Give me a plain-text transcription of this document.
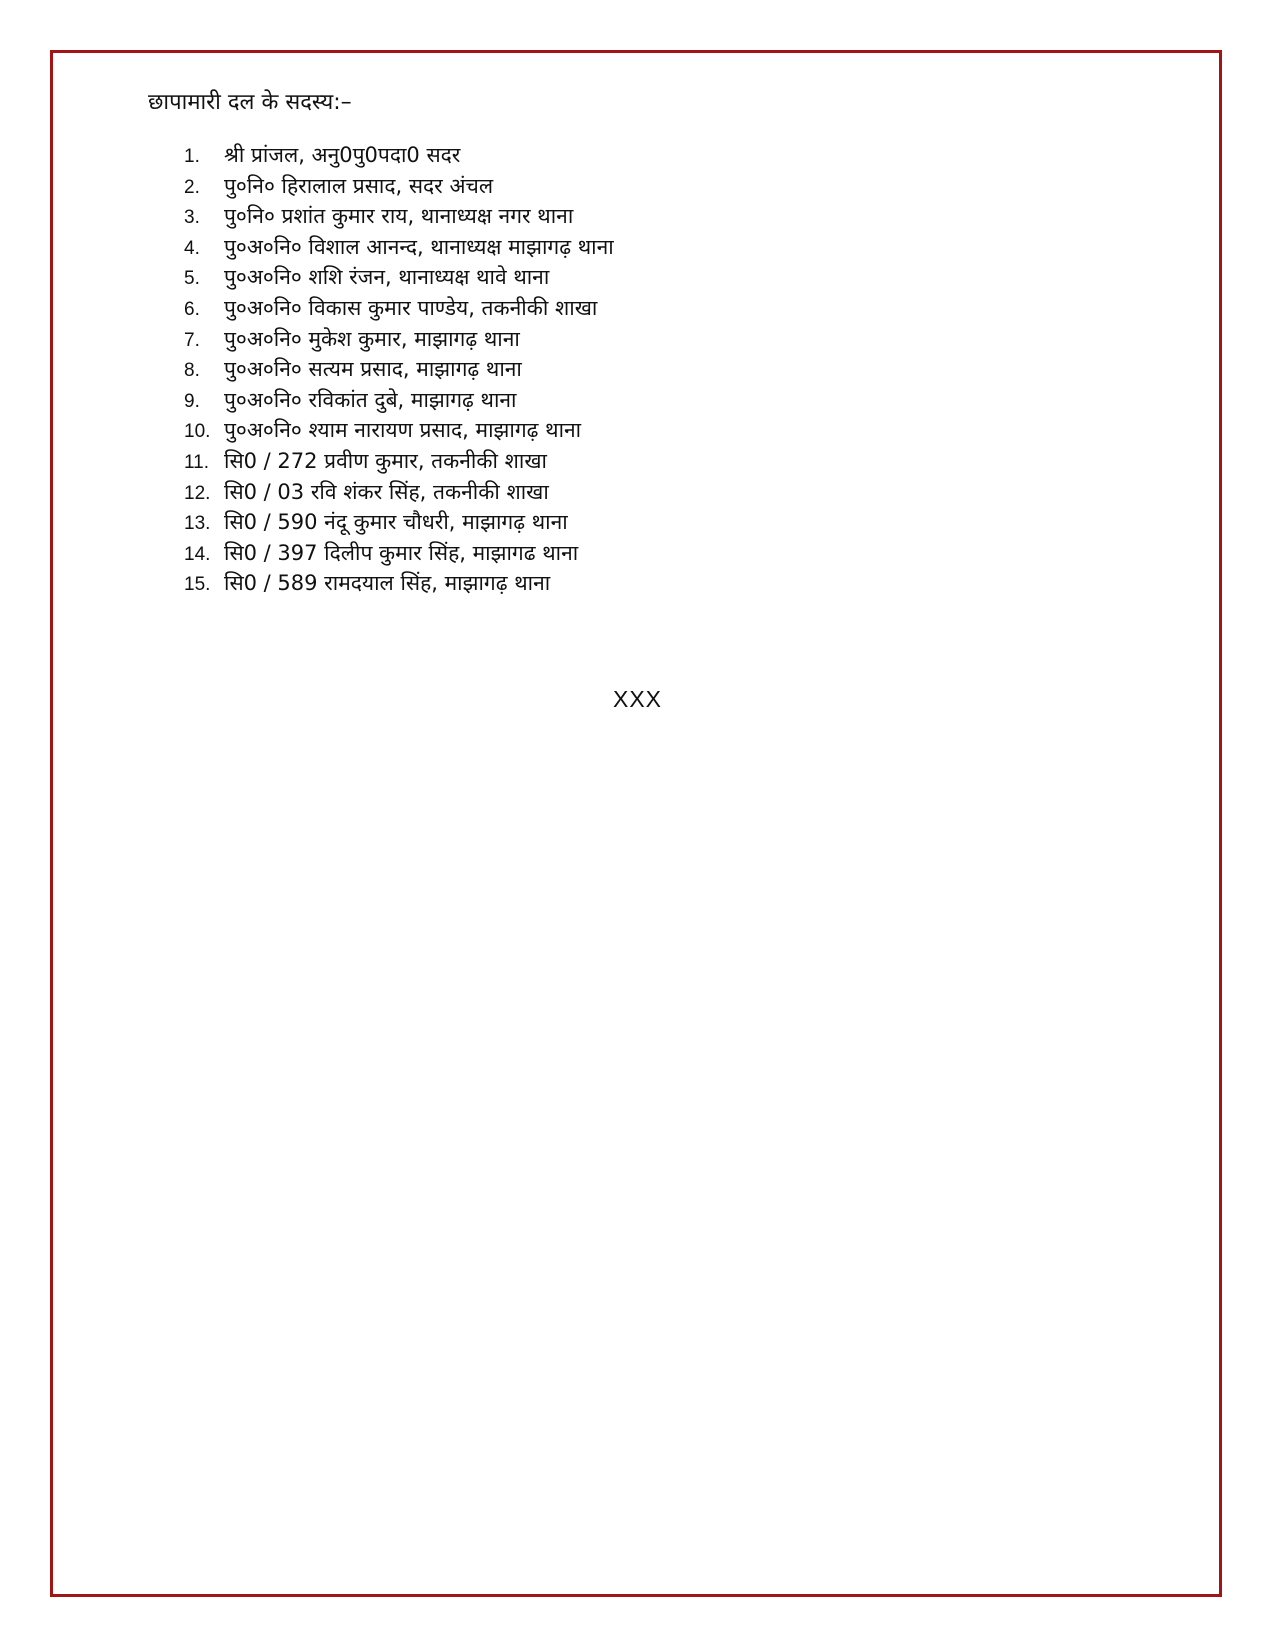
छापामारी दल के सदस्य:–
1.	श्री प्रांजल, अनु0पु0पदा0 सदर
2.	पु०नि० हिरालाल प्रसाद, सदर अंचल
3.	पु०नि० प्रशांत कुमार राय, थानाध्यक्ष नगर थाना
4.	पु०अ०नि० विशाल आनन्द, थानाध्यक्ष माझागढ़ थाना
5.	पु०अ०नि० शशि रंजन, थानाध्यक्ष थावे थाना
6.	पु०अ०नि० विकास कुमार पाण्डेय, तकनीकी शाखा
7.	पु०अ०नि० मुकेश कुमार, माझागढ़ थाना
8.	पु०अ०नि० सत्यम प्रसाद, माझागढ़ थाना
9.	पु०अ०नि० रविकांत दुबे, माझागढ़ थाना
10. पु०अ०नि० श्याम नारायण प्रसाद, माझागढ़ थाना
11. सि0 / 272 प्रवीण कुमार, तकनीकी शाखा
12. सि0 / 03 रवि शंकर सिंह, तकनीकी शाखा
13. सि0 / 590 नंदू कुमार चौधरी, माझागढ़ थाना
14. सि0 / 397 दिलीप कुमार सिंह, माझागढ थाना
15. सि0 / 589 रामदयाल सिंह, माझागढ़ थाना
XXX
